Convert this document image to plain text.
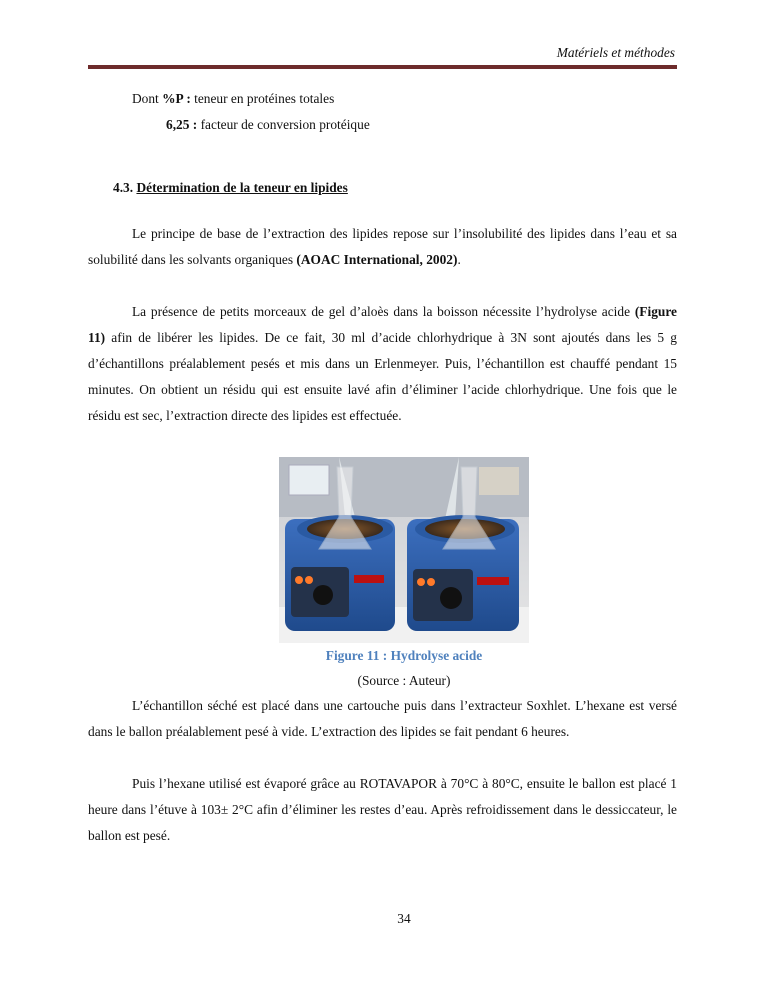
Matériels et méthodes
Dont %P : teneur en protéines totales
6,25 : facteur de conversion protéique
4.3. Détermination de la teneur en lipides
Le principe de base de l’extraction des lipides repose sur l’insolubilité des lipides dans l’eau et sa solubilité dans les solvants organiques (AOAC International, 2002).
La présence de petits morceaux de gel d’aloès dans la boisson nécessite l’hydrolyse acide (Figure 11) afin de libérer les lipides. De ce fait, 30 ml d’acide chlorhydrique à 3N sont ajoutés dans les 5 g d’échantillons préalablement pesés et mis dans un Erlenmeyer. Puis, l’échantillon est chauffé pendant 15 minutes. On obtient un résidu qui est ensuite lavé afin d’éliminer l’acide chlorhydrique. Une fois que le résidu est sec, l’extraction directe des lipides est effectuée.
Figure 11 : Hydrolyse acide
(Source : Auteur)
L’échantillon séché est placé dans une cartouche puis dans l’extracteur Soxhlet. L’hexane est versé dans le ballon préalablement pesé à vide. L’extraction des lipides se fait pendant 6 heures.
Puis l’hexane utilisé est évaporé grâce au ROTAVAPOR à 70°C à 80°C, ensuite le ballon est placé 1 heure dans l’étuve à 103± 2°C afin d’éliminer les restes d’eau. Après refroidissement dans le dessiccateur, le ballon est pesé.
34
